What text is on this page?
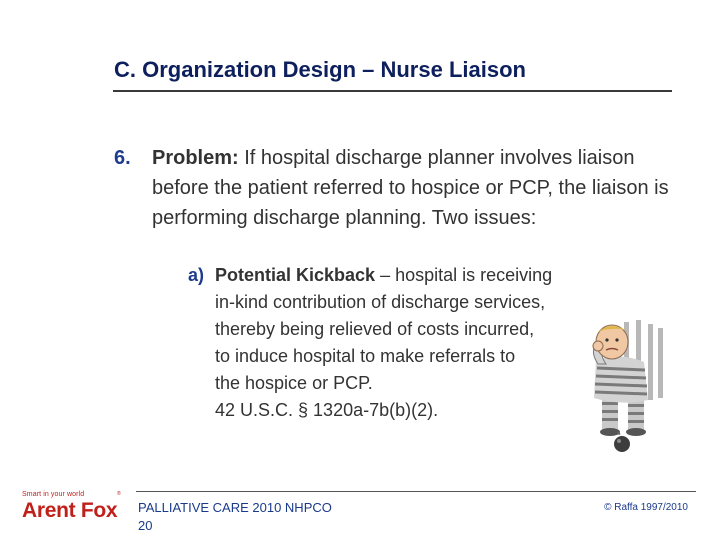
C. Organization Design – Nurse Liaison
6.	Problem: If hospital discharge planner involves liaison before the patient referred to hospice or PCP, the liaison is performing discharge planning. Two issues:
a) Potential Kickback – hospital is receiving
in-kind contribution of discharge services,
thereby being relieved of costs incurred,
to induce hospital to make referrals to
the hospice or PCP.
42 U.S.C. § 1320a-7b(b)(2).
Smart in your world	®
Arent Fox PALLIATIVE CARE 2010 NHPCO
20
© Raffa 1997/2010
